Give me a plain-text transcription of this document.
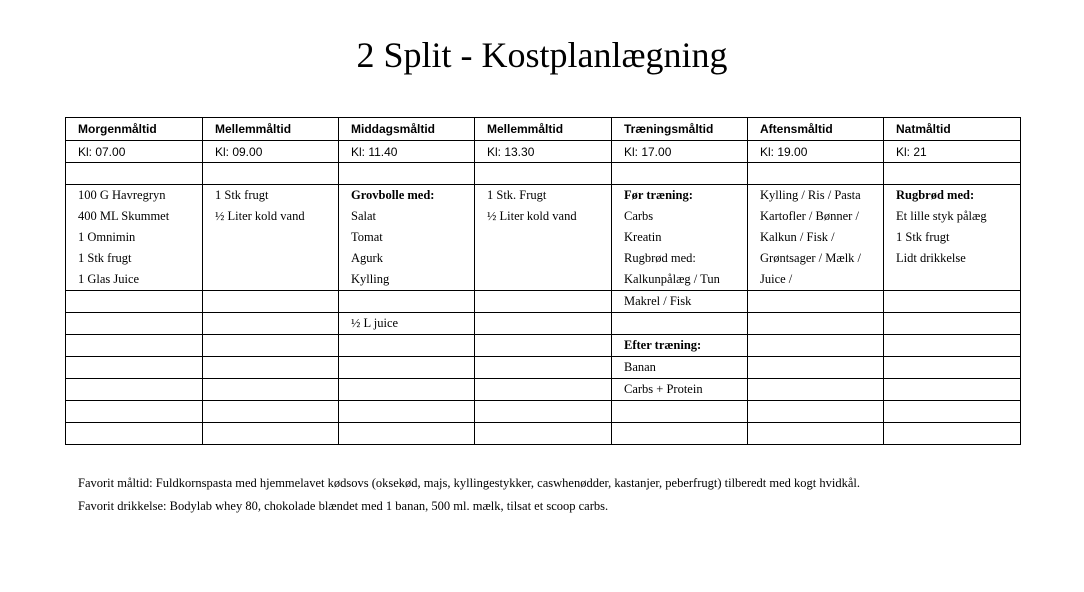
2 Split - Kostplanlægning
Morgenmåltid	Mellemmåltid	Middagsmåltid	Mellemmåltid	Træningsmåltid	Aftensmåltid	Natmåltid
Kl: 07.00	Kl: 09.00	Kl: 11.40	Kl: 13.30	Kl: 17.00	Kl: 19.00	Kl: 21

100 G Havregryn	1 Stk frugt	Grovbolle med:	1 Stk. Frugt	Før træning:	Kylling / Ris / Pasta	Rugbrød med:
400 ML Skummet	½ Liter kold vand	Salat	½ Liter kold vand	Carbs	Kartofler / Bønner /	Et lille styk pålæg
1 Omnimin		Tomat		Kreatin	Kalkun / Fisk /	1 Stk frugt
1 Stk frugt		Agurk		Rugbrød med:	Grøntsager / Mælk /	Lidt drikkelse
1 Glas Juice		Kylling		Kalkunpålæg / Tun	Juice /	
				Makrel / Fisk		
		½ L juice				
				Efter træning:		
				Banan		
				Carbs + Protein		

Favorit måltid: Fuldkornspasta med hjemmelavet kødsovs (oksekød, majs, kyllingestykker, caswhenødder, kastanjer, peberfrugt) tilberedt med kogt hvidkål.
Favorit drikkelse: Bodylab whey 80, chokolade blændet med 1 banan, 500 ml. mælk, tilsat et scoop carbs.
